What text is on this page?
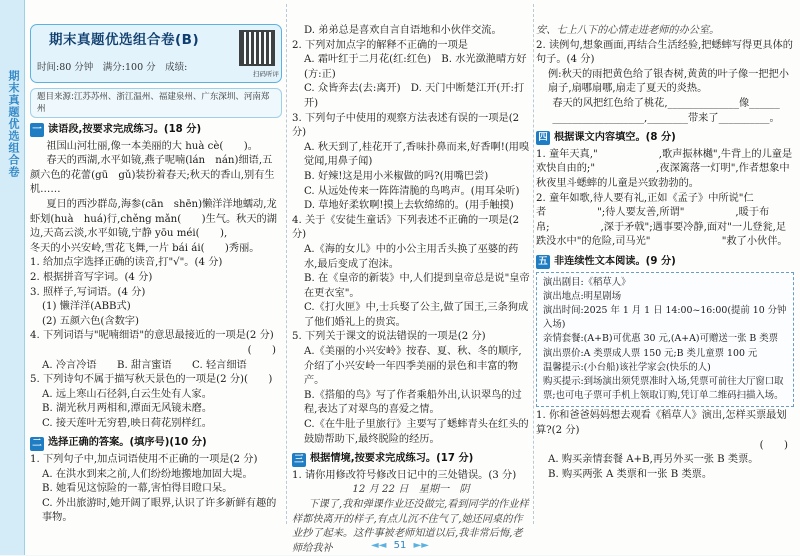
期末真题优选组合卷
期末真题优选组合卷(B)
时间:80 分钟　满分:100 分　成绩:
扫码听评
题目来源:江苏苏州、浙江温州、福建泉州、广东深圳、河南郑州
一 读语段,按要求完成练习。(18 分)

祖国山河壮丽,像一本美丽的大 huà cè(　　)。

春天的西湖,水平如镜,燕子呢喃(lán　nán)细语,五颜六色的花蕾(gū　gǔ)装扮着春天;秋天的香山,别有生机……

夏日的西沙群岛,海参(cān　shēn)懒洋洋地蠕动,龙虾划(huà　huá)行,chěng mǎn(　　)生气。秋天的湖边,天高云淡,水平如镜,宁静 yōu méi(　　),

冬天的小兴安岭,雪花飞舞,一片 bái ái(　　)秀丽。

1. 给加点字选择正确的读音,打"√"。(4 分)

2. 根据拼音写字词。(4 分)

3. 照样子,写词语。(4 分)

(1) 懒洋洋(ABB式)

(2) 五颜六色(含数字)

4. 下列词语与"呢喃细语"的意思最接近的一项是(2 分)

(　　)

A. 冷言冷语　　B. 甜言蜜语　　C. 轻言细语

5. 下列诗句不属于描写秋天景色的一项是(2 分)(　　)

A. 远上寒山石径斜,白云生处有人家。

B. 湖光秋月两相和,潭面无风镜未磨。

C. 接天莲叶无穷碧,映日荷花别样红。

二 选择正确的答案。(填序号)(10 分)

1. 下列句子中,加点词语使用不正确的一项是(2 分)

A. 在洪水到来之前,人们纷纷地搬地加固大堤。

B. 她看见这惊险的一幕,害怕得目瞪口呆。

C. 外出旅游时,她开阔了眼界,认识了许多新鲜有趣的事物。

D. 弟弟总是喜欢自言自语地和小伙伴交流。

2. 下列对加点字的解释不正确的一项是

A. 霜叶红于二月花(红:红色)　B. 水光潋滟晴方好(方:正)

C. 众皆奔去(去:离开)　D. 天门中断楚江开(开:打开)

3. 下列句子中使用的观察方法表述有误的一项是(2 分)

A. 秋天到了,桂花开了,香味扑鼻而来,好香啊!(用嗅觉闻,用鼻子闻)

B. 好辣!这是用小米椒做的吗?(用嘴巴尝)

C. 从远处传来一阵阵清脆的鸟鸣声。(用耳朵听)

D. 草地好柔软啊!摸上去软绵绵的。(用手触摸)

4. 关于《安徒生童话》下列表述不正确的一项是(2 分)

A.《海的女儿》中的小公主用舌头换了巫婆的药水,最后变成了泡沫。

B. 在《皇帝的新装》中,人们提到皇帝总是说"皇帝在更衣室"。

C.《打火匣》中,士兵娶了公主,做了国王,三条狗成了他们婚礼上的贵宾。

5. 下列关于课文的说法错误的一项是(2 分)

A.《美丽的小兴安岭》按春、夏、秋、冬的顺序,介绍了小兴安岭一年四季美丽的景色和丰富的物产。

B.《搭船的鸟》写了作者乘船外出,认识翠鸟的过程,表达了对翠鸟的喜爱之情。

C.《在牛肚子里旅行》主要写了蟋蟀青头在红头的鼓励帮助下,最终脱险的经历。

三 根据情境,按要求完成练习。(17 分)

1. 请你用修改符号修改日记中的三处错误。(3 分)

12 月 22 日　星期一　阴

下课了,我和弹课作业还没做完,看到同学的作业样样都快离开的样子,有点儿沉不住气了,她还同桌的作业抄了起来。这件事被老师知道以后,我非常后悔,老师给我补

安、七上八下的心情走进老师的办公室。

2. 读例句,想象画面,再结合生活经验,把蟋蟀写得更具体的句子。(4 分)

例:秋天的雨把黄色给了银杏树,黄黄的叶子像一把把小扇子,扇哪扇哪,扇走了夏天的炎热。

春天的风把红色给了桃花,______________像______

__________________,________带来了__________。

四 根据课文内容填空。(8 分)

1. 童年天真,"　　　　　　,歌声振林樾",牛背上的儿童是欢快自由的;"　　　　　　,夜深篱落一灯明",作者想象中秋夜里斗蟋蟀的儿童是兴致勃勃的。

2. 童年如歌,待人要有礼,正如《孟子》中所说"仁者　　　　　";待人要友善,所谓"　　　　　,暖于布帛;　　　　　,深于矛戟";遇事要冷静,面对"一儿登瓮,足跌没水中"的危险,司马光"　　　　　　　"救了小伙伴。

五 非连续性文本阅读。(9 分)

演出剧目:《稻草人》

演出地点:明星剧场

演出时间:2025 年 1 月 1 日 14:00~16:00(提前 10 分钟入场)

亲情套餐:(A+B)可优惠 30 元,(A+A)可赠送一张 B 类票

演出票价:A 类票成人票 150 元;B 类儿童票 100 元

温馨提示:(小台船)该社学家会(快乐的人)

购买提示:到场演出须凭票准时入场,凭票可前往大厅窗口取票;也可电子票可手机上领取订购,凭订单二维码扫描入场。

1. 你和爸爸妈妈想去观看《稻草人》演出,怎样买票最划算?(2 分)

(　　)

A. 购买亲情套餐 A+B,再另外买一张 B 类票。

B. 购买两张 A 类票和一张 B 类票。

◄◄ 51 ►►
